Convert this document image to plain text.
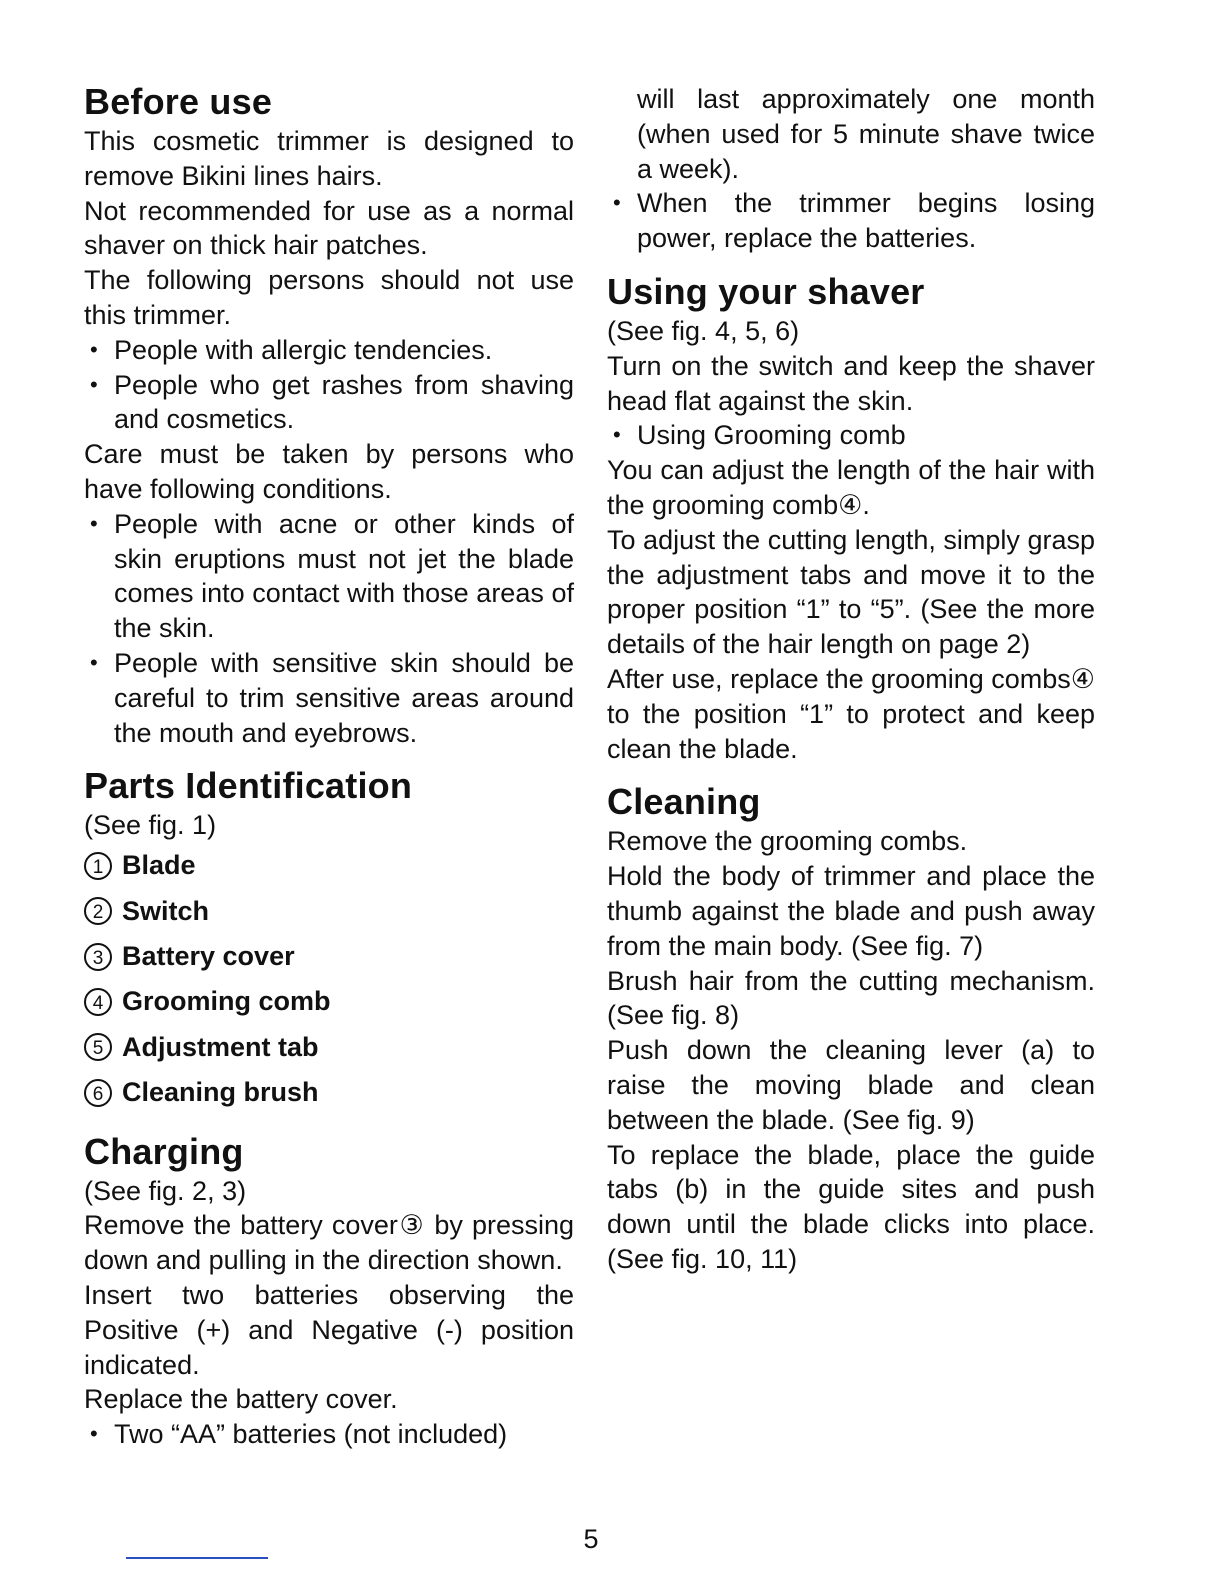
Before use

This cosmetic trimmer is designed to remove Bikini lines hairs.

Not recommended for use as a normal shaver on thick hair patches.

The following persons should not use this trimmer.

• People with allergic tendencies.

• People who get rashes from shaving and cosmetics.

Care must be taken by persons who have following conditions.

• People with acne or other kinds of skin eruptions must not jet the blade comes into contact with those areas of the skin.

• People with sensitive skin should be careful to trim sensitive areas around the mouth and eyebrows.

Parts Identification

(See fig. 1)

1 Blade
2 Switch
3 Battery cover
4 Grooming comb
5 Adjustment tab
6 Cleaning brush
Charging

(See fig. 2, 3)

Remove the battery cover③ by pressing down and pulling in the direction shown.

Insert two batteries observing the Positive (+) and Negative (-) position indicated.

Replace the battery cover.

• Two “AA” batteries (not included)

will last approximately one month (when used for 5 minute shave twice a week).

• When the trimmer begins losing power, replace the batteries.

Using your shaver

(See fig. 4, 5, 6)

Turn on the switch and keep the shaver head flat against the skin.

• Using Grooming comb

You can adjust the length of the hair with the grooming comb④.

To adjust the cutting length, simply grasp the adjustment tabs and move it to the proper position “1” to “5”. (See the more details of the hair length on page 2)

After use, replace the grooming combs④ to the position “1” to protect and keep clean the blade.

Cleaning

Remove the grooming combs.

Hold the body of trimmer and place the thumb against the blade and push away from the main body. (See fig. 7)

Brush hair from the cutting mechanism. (See fig. 8)

Push down the cleaning lever (a) to raise the moving blade and clean between the blade. (See fig. 9)

To replace the blade, place the guide tabs (b) in the guide sites and push down until the blade clicks into place. (See fig. 10, 11)

5
